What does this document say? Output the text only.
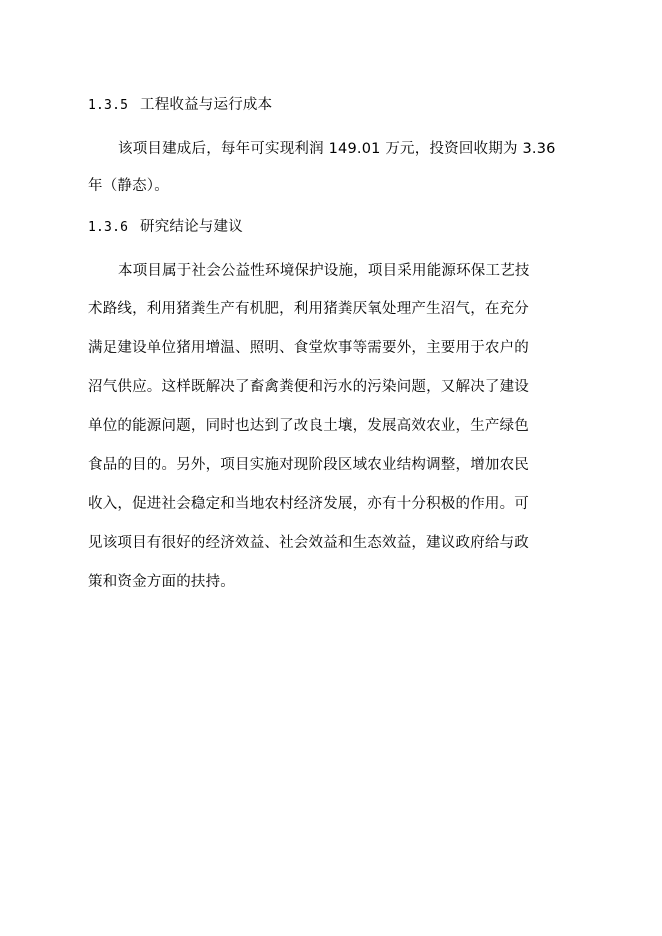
1.3.5 工程收益与运行成本
该项目建成后，每年可实现利润 149.01 万元，投资回收期为 3.36
年（静态）。
1.3.6 研究结论与建议
本项目属于社会公益性环境保护设施，项目采用能源环保工艺技
术路线，利用猪粪生产有机肥，利用猪粪厌氧处理产生沼气，在充分
满足建设单位猪用增温、照明、食堂炊事等需要外，主要用于农户的
沼气供应。这样既解决了畜禽粪便和污水的污染问题，又解决了建设
单位的能源问题，同时也达到了改良土壤，发展高效农业，生产绿色
食品的目的。另外，项目实施对现阶段区域农业结构调整，增加农民
收入，促进社会稳定和当地农村经济发展，亦有十分积极的作用。可
见该项目有很好的经济效益、社会效益和生态效益，建议政府给与政
策和资金方面的扶持。
